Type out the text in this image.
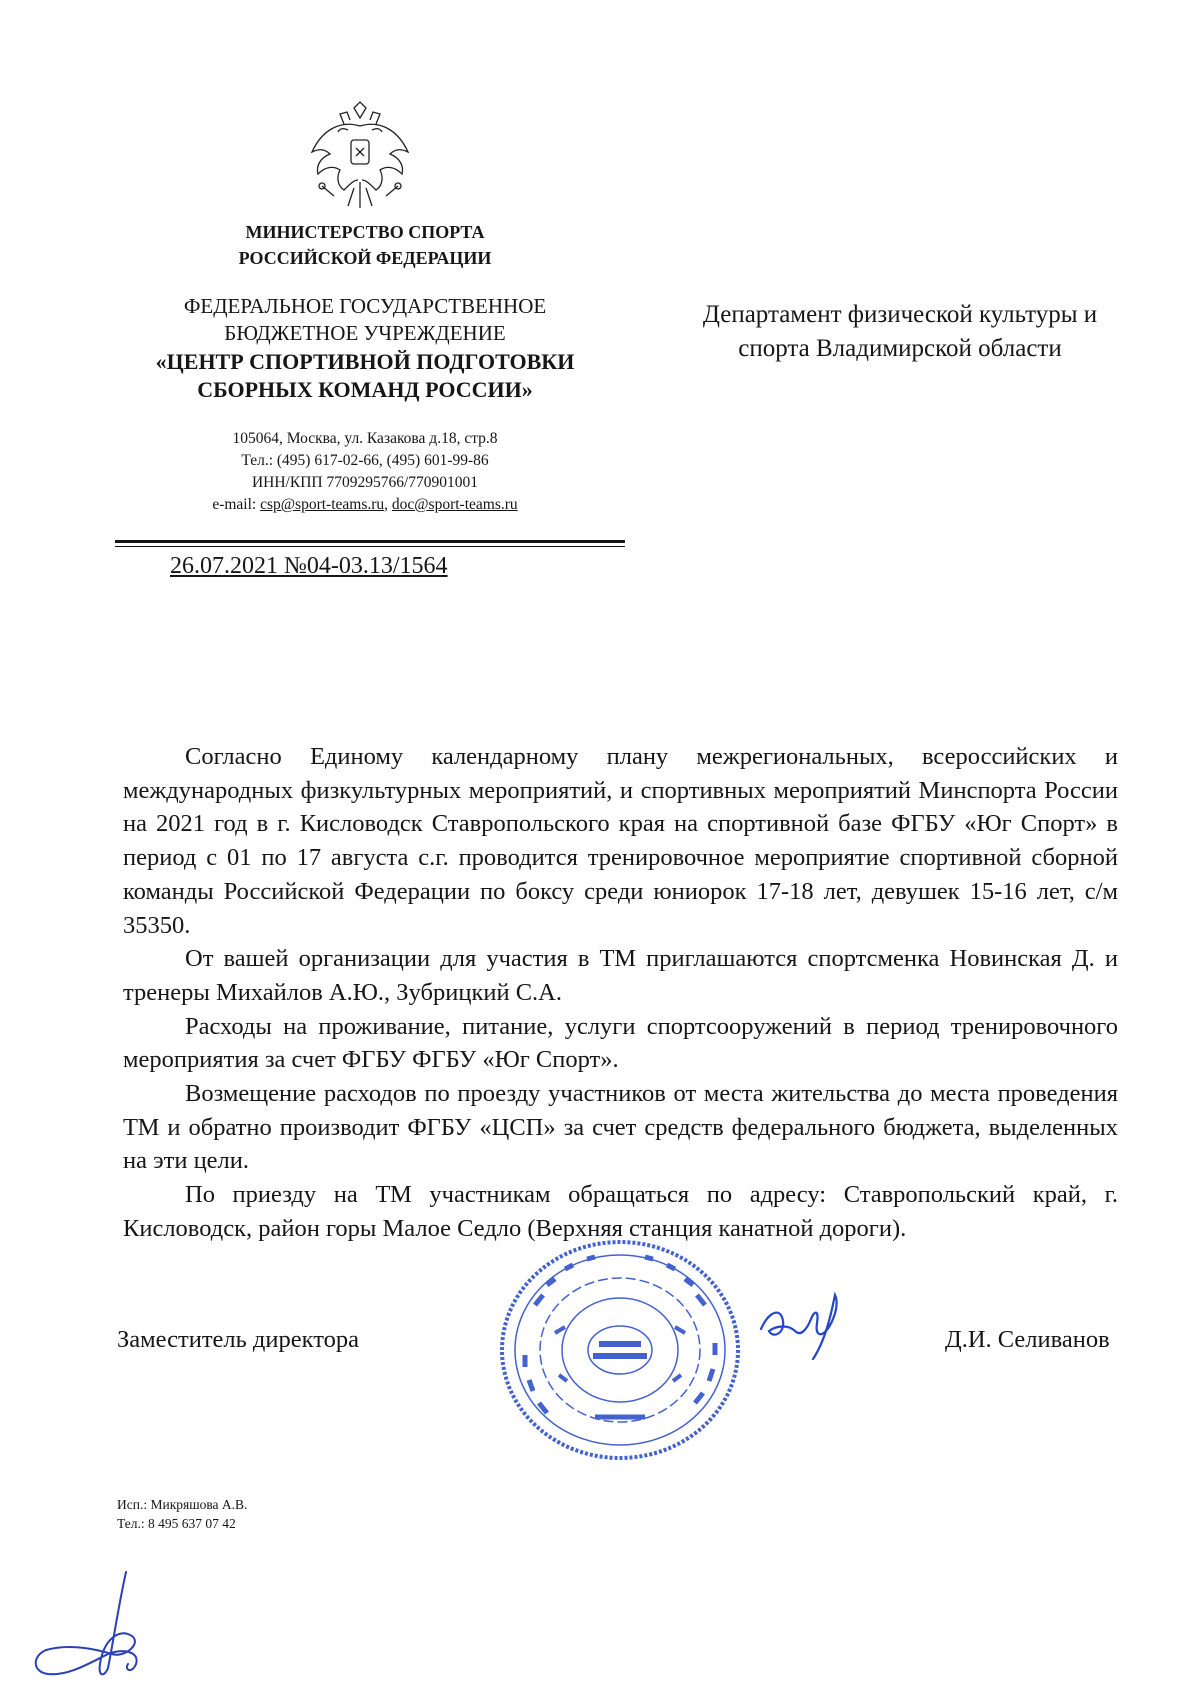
МИНИСТЕРСТВО СПОРТА
РОССИЙСКОЙ ФЕДЕРАЦИИ
ФЕДЕРАЛЬНОЕ ГОСУДАРСТВЕННОЕ
БЮДЖЕТНОЕ УЧРЕЖДЕНИЕ
«ЦЕНТР СПОРТИВНОЙ ПОДГОТОВКИ
СБОРНЫХ КОМАНД РОССИИ»
105064, Москва, ул. Казакова д.18, стр.8
Тел.: (495) 617-02-66, (495) 601-99-86
ИНН/КПП 7709295766/770901001
e-mail: csp@sport-teams.ru, doc@sport-teams.ru
26.07.2021 №04-03.13/1564
Департамент физической культуры и
спорта Владимирской области

Согласно Единому календарному плану межрегиональных, всероссийских и международных физкультурных мероприятий, и спортивных мероприятий Минспорта России на 2021 год в г. Кисловодск Ставропольского края на спортивной базе ФГБУ «Юг Спорт» в период с 01 по 17 августа с.г. проводится тренировочное мероприятие спортивной сборной команды Российской Федерации по боксу среди юниорок 17-18 лет, девушек 15-16 лет, с/м 35350.

От вашей организации для участия в ТМ приглашаются спортсменка Новинская Д. и тренеры Михайлов А.Ю., Зубрицкий С.А.

Расходы на проживание, питание, услуги спортсооружений в период тренировочного мероприятия за счет ФГБУ ФГБУ «Юг Спорт».

Возмещение расходов по проезду участников от места жительства до места проведения ТМ и обратно производит ФГБУ «ЦСП» за счет средств федерального бюджета, выделенных на эти цели.

По приезду на ТМ участникам обращаться по адресу: Ставропольский край, г. Кисловодск, район горы Малое Седло (Верхняя станция канатной дороги).

Заместитель директора	Д.И. Селиванов
Исп.: Микряшова А.В.
Тел.: 8 495 637 07 42
